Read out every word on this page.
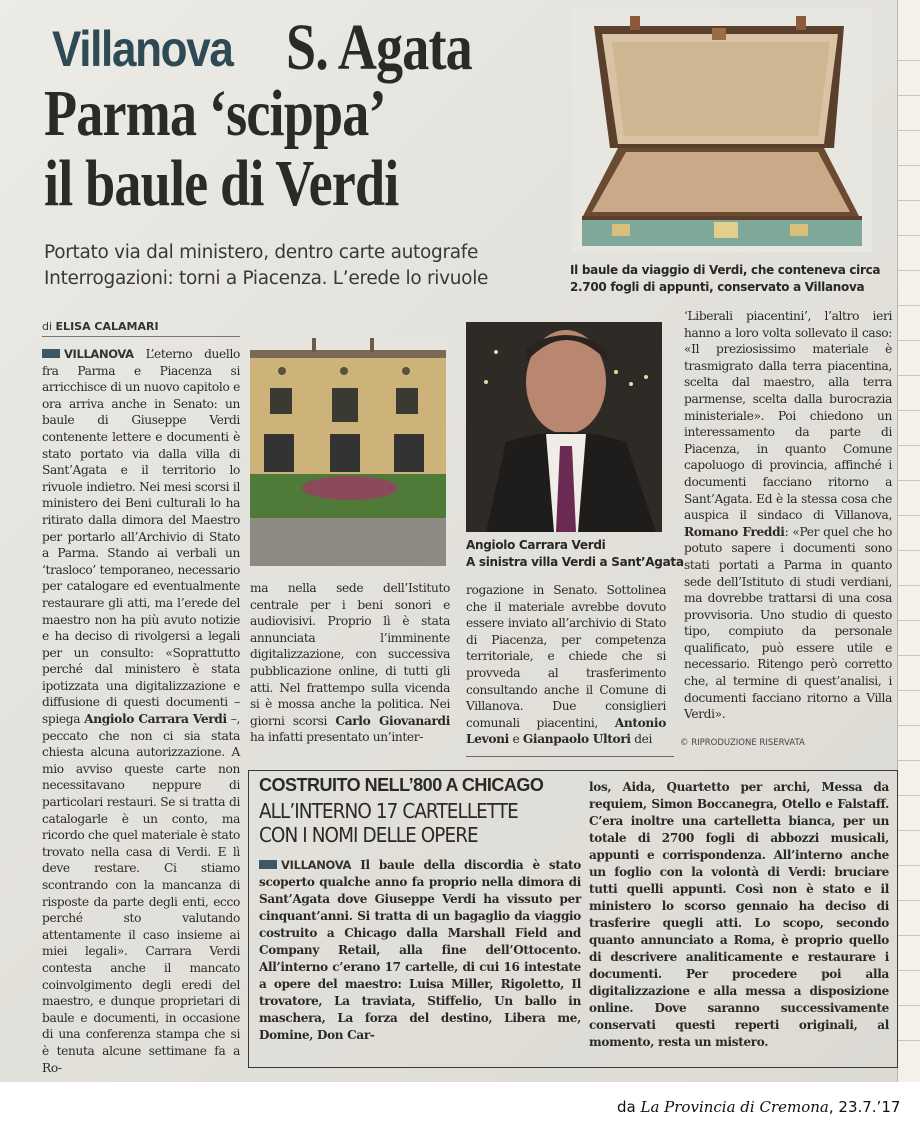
Villanova S. Agata
Parma ‘scippa’
il baule di Verdi
Portato via dal ministero, dentro carte autografe
Interrogazioni: torni a Piacenza. L’erede lo rivuole	Il baule da viaggio di Verdi, che conteneva circa
2.700 fogli di appunti, conservato a Villanova
di ELISA CALAMARI

VILLANOVA L’eterno duello fra Parma e Piacenza si arricchisce di un nuovo capitolo e ora arriva anche in Senato: un baule di Giuseppe Verdi contenente lettere e documenti è stato portato via dalla villa di Sant’Agata e il territorio lo rivuole indietro. Nei mesi scorsi il ministero dei Beni culturali lo ha ritirato dalla dimora del Maestro per portarlo all’Archivio di Stato a Parma. Stando ai verbali un ‘trasloco’ temporaneo, necessario per catalogare ed eventualmente restaurare gli atti, ma l’erede del maestro non ha più avuto notizie e ha deciso di rivolgersi a legali per un consulto: «Soprattutto perché dal ministero è stata ipotizzata una digitalizzazione e diffusione di questi documenti – spiega Angiolo Carrara Verdi –, peccato che non ci sia stata chiesta alcuna autorizzazione. A mio avviso queste carte non necessitavano neppure di particolari restauri. Se si tratta di catalogarle è un conto, ma ricordo che quel materiale è stato trovato nella casa di Verdi. E lì deve restare. Ci stiamo scontrando con la mancanza di risposte da parte degli enti, ecco perché sto valutando attentamente il caso insieme ai miei legali». Carrara Verdi contesta anche il mancato coinvolgimento degli eredi del maestro, e dunque proprietari di baule e documenti, in occasione di una conferenza stampa che si è tenuta alcune settimane fa a Ro-

Angiolo Carrara Verdi
A sinistra villa Verdi a Sant’Agata

ma nella sede dell’Istituto centrale per i beni sonori e audiovisivi. Proprio lì è stata annunciata l’imminente digitalizzazione, con successiva pubblicazione online, di tutti gli atti. Nel frattempo sulla vicenda si è mossa anche la politica. Nei giorni scorsi Carlo Giovanardi ha infatti presentato un’inter-

rogazione in Senato. Sottolinea che il materiale avrebbe dovuto essere inviato all’archivio di Stato di Piacenza, per competenza territoriale, e chiede che si provveda al trasferimento consultando anche il Comune di Villanova. Due consiglieri comunali piacentini, Antonio Levoni e Gianpaolo Ultori dei

‘Liberali piacentini’, l’altro ieri hanno a loro volta sollevato il caso: «Il preziosissimo materiale è trasmigrato dalla terra piacentina, scelta dal maestro, alla terra parmense, scelta dalla burocrazia ministeriale». Poi chiedono un interessamento da parte di Piacenza, in quanto Comune capoluogo di provincia, affinché i documenti facciano ritorno a Sant’Agata. Ed è la stessa cosa che auspica il sindaco di Villanova, Romano Freddi: «Per quel che ho potuto sapere i documenti sono stati portati a Parma in quanto sede dell’Istituto di studi verdiani, ma dovrebbe trattarsi di una cosa provvisoria. Uno studio di questo tipo, compiuto da personale qualificato, può essere utile e necessario. Ritengo però corretto che, al termine di quest’analisi, i documenti facciano ritorno a Villa Verdi».

© RIPRODUZIONE RISERVATA
COSTRUITO NELL’800 A CHICAGO
ALL’INTERNO 17 CARTELLETTE
CON I NOMI DELLE OPERE
VILLANOVA Il baule della discordia è stato scoperto qualche anno fa proprio nella dimora di Sant’Agata dove Giuseppe Verdi ha vissuto per cinquant’anni. Si tratta di un bagaglio da viaggio costruito a Chicago dalla Marshall Field and Company Retail, alla fine dell’Ottocento. All’interno c’erano 17 cartelle, di cui 16 intestate a opere del maestro: Luisa Miller, Rigoletto, Il trovatore, La traviata, Stiffelio, Un ballo in maschera, La forza del destino, Libera me, Domine, Don Car-
los, Aida, Quartetto per archi, Messa da requiem, Simon Boccanegra, Otello e Falstaff. C’era inoltre una cartelletta bianca, per un totale di 2700 fogli di abbozzi musicali, appunti e corrispondenza. All’interno anche un foglio con la volontà di Verdi: bruciare tutti quelli appunti. Così non è stato e il ministero lo scorso gennaio ha deciso di trasferire quegli atti. Lo scopo, secondo quanto annunciato a Roma, è proprio quello di descrivere analiticamente e restaurare i documenti. Per procedere poi alla digitalizzazione e alla messa a disposizione online. Dove saranno successivamente conservati questi reperti originali, al momento, resta un mistero.
da La Provincia di Cremona, 23.7.’17
